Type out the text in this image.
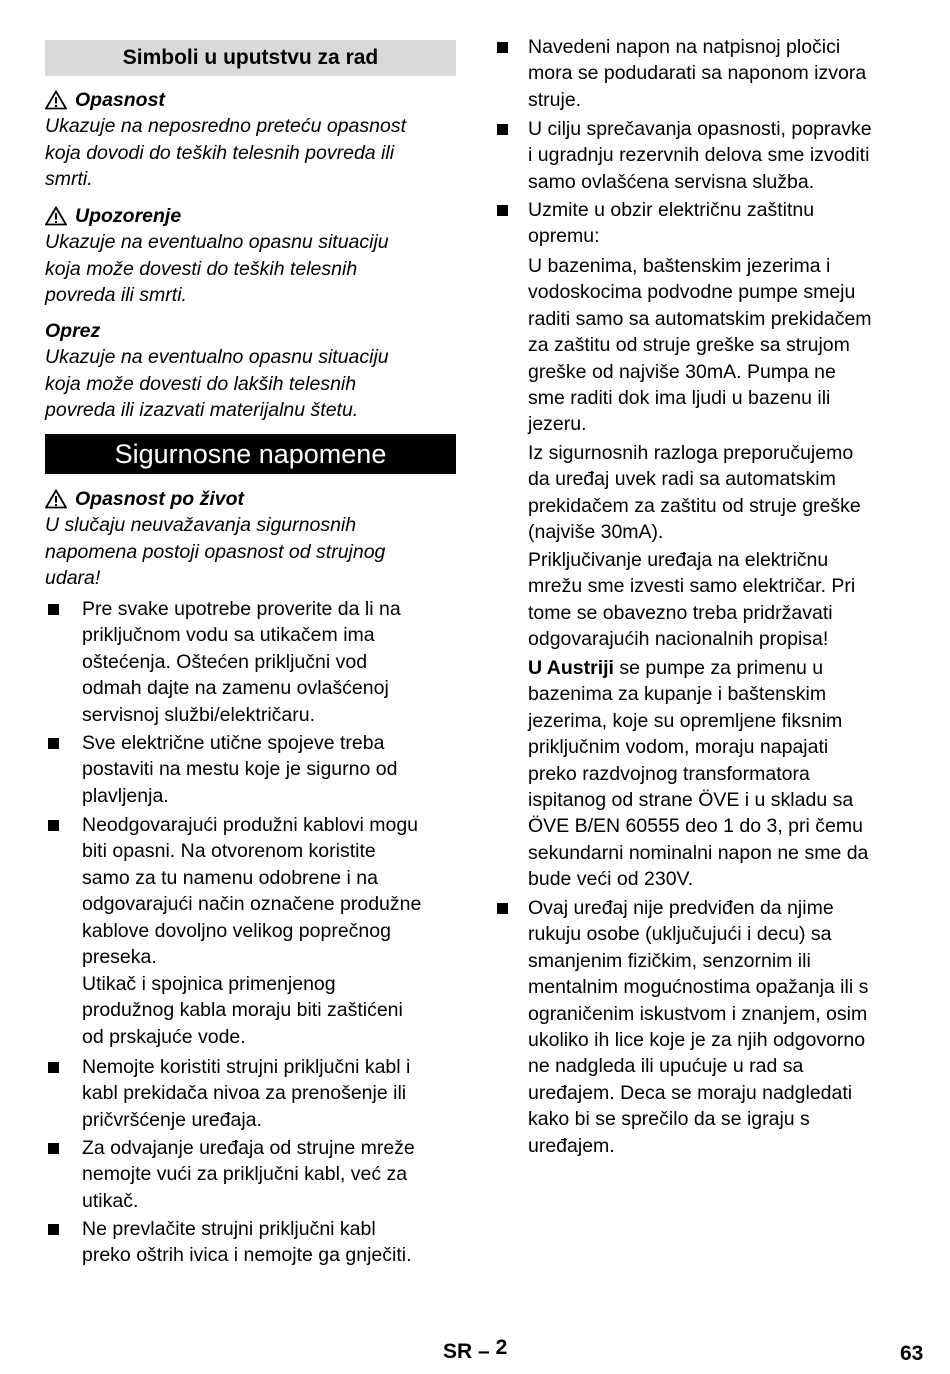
Simboli u uputstvu za rad
Opasnost
Ukazuje na neposredno preteću opasnost
koja dovodi do teških telesnih povreda ili
smrti.
Upozorenje
Ukazuje na eventualno opasnu situaciju
koja može dovesti do teških telesnih
povreda ili smrti.
Oprez
Ukazuje na eventualno opasnu situaciju
koja može dovesti do lakših telesnih
povreda ili izazvati materijalnu štetu.
Sigurnosne napomene
Opasnost po život
U slučaju neuvažavanja sigurnosnih
napomena postoji opasnost od strujnog
udara!
Pre svake upotrebe proverite da li na
priključnom vodu sa utikačem ima
oštećenja. Oštećen priključni vod
odmah dajte na zamenu ovlašćenoj
servisnoj službi/električaru.
Sve električne utične spojeve treba
postaviti na mestu koje je sigurno od
plavljenja.
Neodgovarajući produžni kablovi mogu
biti opasni. Na otvorenom koristite
samo za tu namenu odobrene i na
odgovarajući način označene produžne
kablove dovoljno velikog poprečnog
preseka.
Utikač i spojnica primenjenog
produžnog kabla moraju biti zaštićeni
od prskajuće vode.
Nemojte koristiti strujni priključni kabl i
kabl prekidača nivoa za prenošenje ili
pričvršćenje uređaja.
Za odvajanje uređaja od strujne mreže
nemojte vući za priključni kabl, već za
utikač.
Ne prevlačite strujni priključni kabl
preko oštrih ivica i nemojte ga gnječiti.
Navedeni napon na natpisnoj pločici
mora se podudarati sa naponom izvora
struje.
U cilju sprečavanja opasnosti, popravke
i ugradnju rezervnih delova sme izvoditi
samo ovlašćena servisna služba.
Uzmite u obzir električnu zaštitnu
opremu:
U bazenima, baštenskim jezerima i
vodoskocima podvodne pumpe smeju
raditi samo sa automatskim prekidačem
za zaštitu od struje greške sa strujom
greške od najviše 30mA. Pumpa ne
sme raditi dok ima ljudi u bazenu ili
jezeru.
Iz sigurnosnih razloga preporučujemo
da uređaj uvek radi sa automatskim
prekidačem za zaštitu od struje greške
(najviše 30mA).
Priključivanje uređaja na električnu
mrežu sme izvesti samo električar. Pri
tome se obavezno treba pridržavati
odgovarajućih nacionalnih propisa!
U Austriji se pumpe za primenu u
bazenima za kupanje i baštenskim
jezerima, koje su opremljene fiksnim
priključnim vodom, moraju napajati
preko razdvojnog transformatora
ispitanog od strane ÖVE i u skladu sa
ÖVE B/EN 60555 deo 1 do 3, pri čemu
sekundarni nominalni napon ne sme da
bude veći od 230V.
Ovaj uređaj nije predviđen da njime
rukuju osobe (uključujući i decu) sa
smanjenim fizičkim, senzornim ili
mentalnim mogućnostima opažanja ili s
ograničenim iskustvom i znanjem, osim
ukoliko ih lice koje je za njih odgovorno
ne nadgleda ili upućuje u rad sa
uređajem. Deca se moraju nadgledati
kako bi se sprečilo da se igraju s
uređajem.
SR – 2	63
